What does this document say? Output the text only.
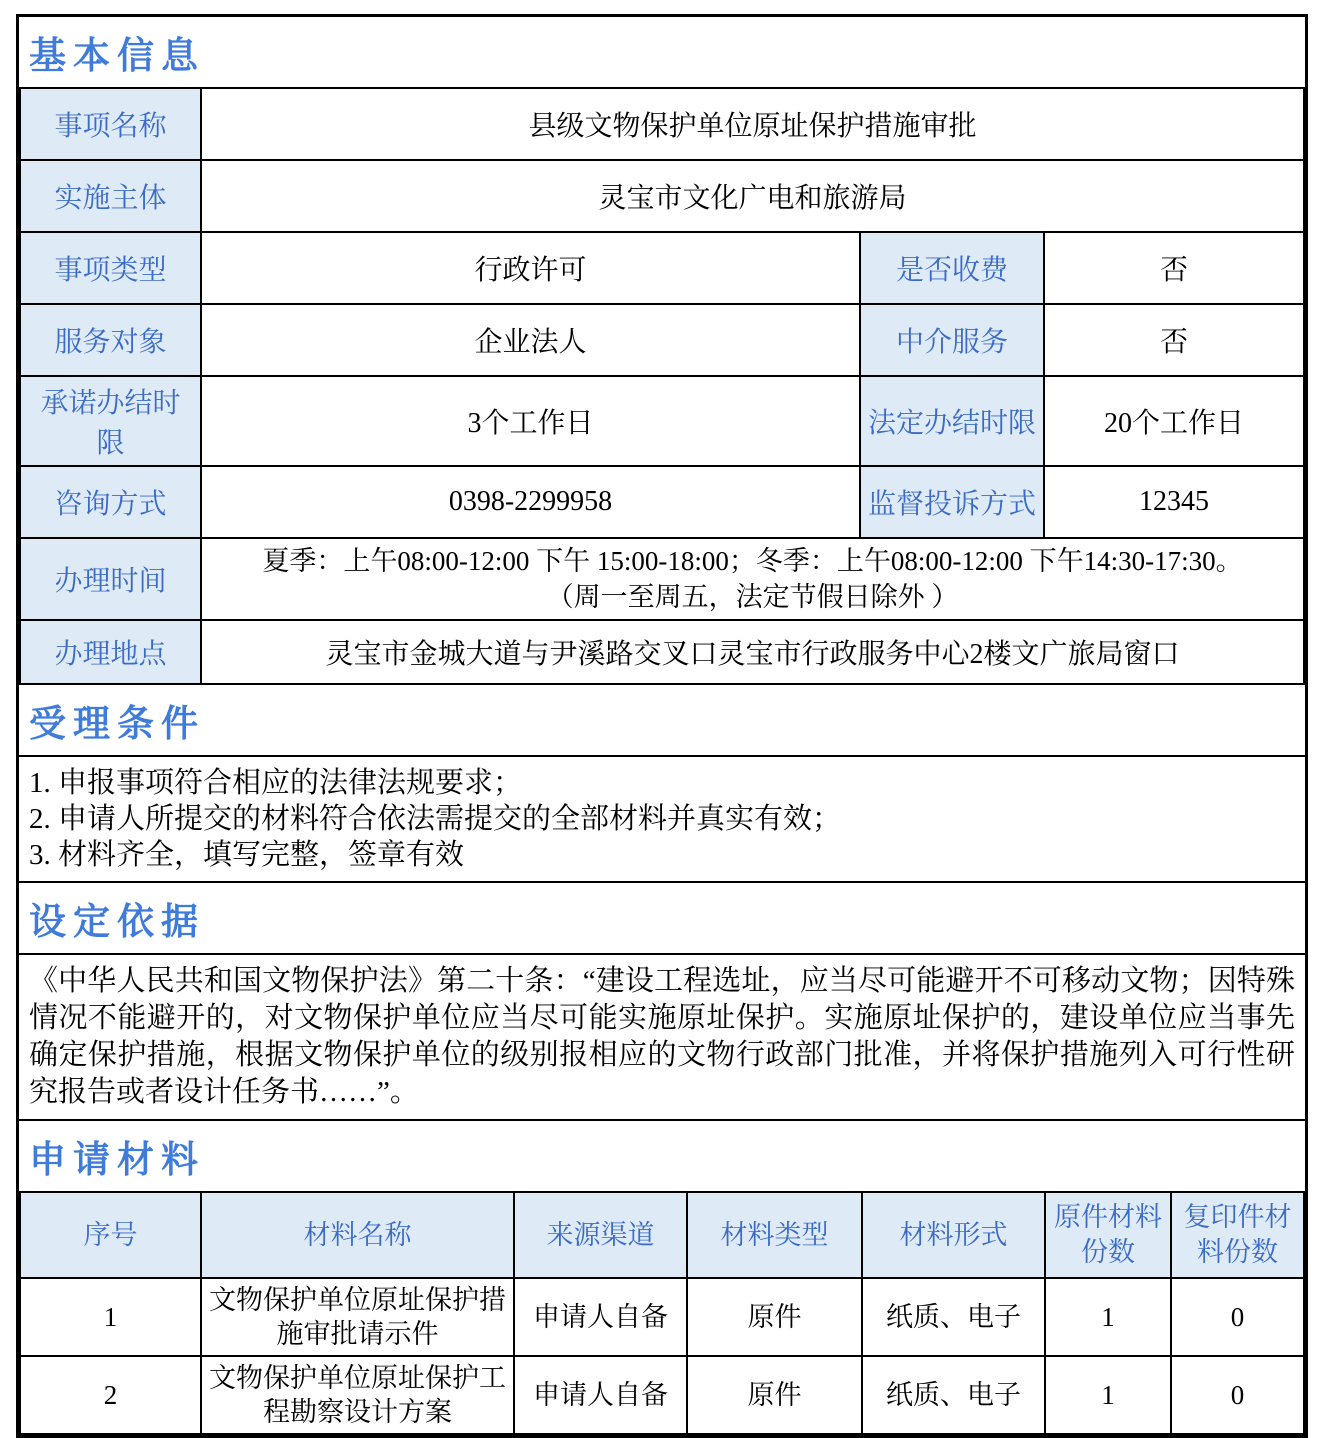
基本信息
事项名称	县级文物保护单位原址保护措施审批		
实施主体	灵宝市文化广电和旅游局		
事项类型	行政许可	是否收费	否
服务对象	企业法人	中介服务	否
承诺办结时限	3个工作日	法定办结时限	20个工作日
咨询方式	0398-2299958	监督投诉方式	12345
办理时间	夏季：上午08:00-12:00 下午 15:00-18:00；冬季：上午08:00-12:00 下午14:30-17:30。
（周一至周五，法定节假日除外 ）		

办理地点	灵宝市金城大道与尹溪路交叉口灵宝市行政服务中心2楼文广旅局窗口		
受理条件
1. 申报事项符合相应的法律法规要求；
2. 申请人所提交的材料符合依法需提交的全部材料并真实有效；
3. 材料齐全，填写完整，签章有效
设定依据
《中华人民共和国文物保护法》第二十条：“建设工程选址，应当尽可能避开不可移动文物；因特殊情况不能避开的，对文物保护单位应当尽可能实施原址保护。实施原址保护的，建设单位应当事先确定保护措施，根据文物保护单位的级别报相应的文物行政部门批准，并将保护措施列入可行性研究报告或者设计任务书……”。
申请材料
序号	材料名称	来源渠道	材料类型	材料形式	原件材料份数	复印件材料份数
1	文物保护单位原址保护措施审批请示件	申请人自备	原件	纸质、电子	1	0
2	文物保护单位原址保护工程勘察设计方案	申请人自备	原件	纸质、电子	1	0
